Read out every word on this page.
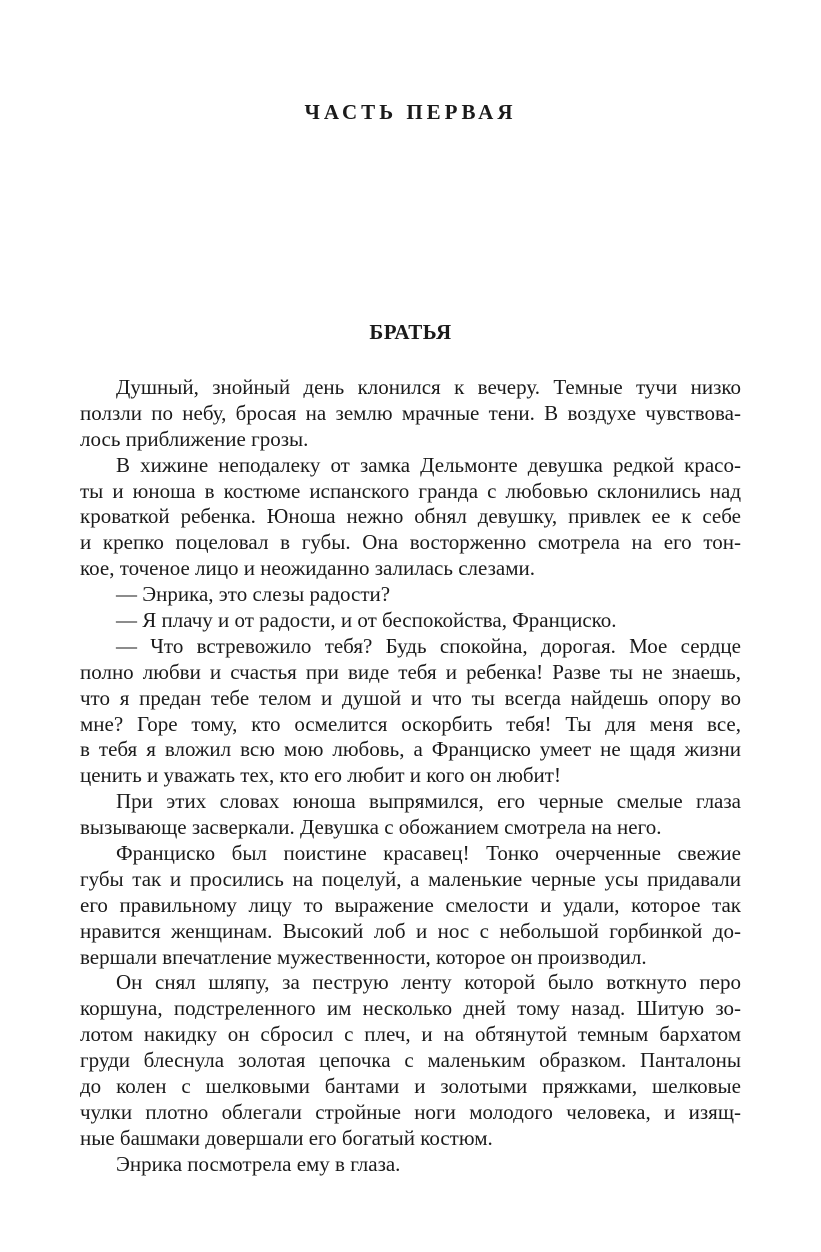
ЧАСТЬ ПЕРВАЯ
БРАТЬЯ
Душный, знойный день клонился к вечеру. Темные тучи низко
ползли по небу, бросая на землю мрачные тени. В воздухе чувствова-
лось приближение грозы.
В хижине неподалеку от замка Дельмонте девушка редкой красо-
ты и юноша в костюме испанского гранда с любовью склонились над
кроваткой ребенка. Юноша нежно обнял девушку, привлек ее к себе
и крепко поцеловал в губы. Она восторженно смотрела на его тон-
кое, точеное лицо и неожиданно залилась слезами.
— Энрика, это слезы радости?
— Я плачу и от радости, и от беспокойства, Франциско.
— Что встревожило тебя? Будь спокойна, дорогая. Мое сердце
полно любви и счастья при виде тебя и ребенка! Разве ты не знаешь,
что я предан тебе телом и душой и что ты всегда найдешь опору во
мне? Горе тому, кто осмелится оскорбить тебя! Ты для меня все,
в тебя я вложил всю мою любовь, а Франциско умеет не щадя жизни
ценить и уважать тех, кто его любит и кого он любит!
При этих словах юноша выпрямился, его черные смелые глаза
вызывающе засверкали. Девушка с обожанием смотрела на него.
Франциско был поистине красавец! Тонко очерченные свежие
губы так и просились на поцелуй, а маленькие черные усы придавали
его правильному лицу то выражение смелости и удали, которое так
нравится женщинам. Высокий лоб и нос с небольшой горбинкой до-
вершали впечатление мужественности, которое он производил.
Он снял шляпу, за пеструю ленту которой было воткнуто перо
коршуна, подстреленного им несколько дней тому назад. Шитую зо-
лотом накидку он сбросил с плеч, и на обтянутой темным бархатом
груди блеснула золотая цепочка с маленьким образком. Панталоны
до колен с шелковыми бантами и золотыми пряжками, шелковые
чулки плотно облегали стройные ноги молодого человека, и изящ-
ные башмаки довершали его богатый костюм.
Энрика посмотрела ему в глаза.
